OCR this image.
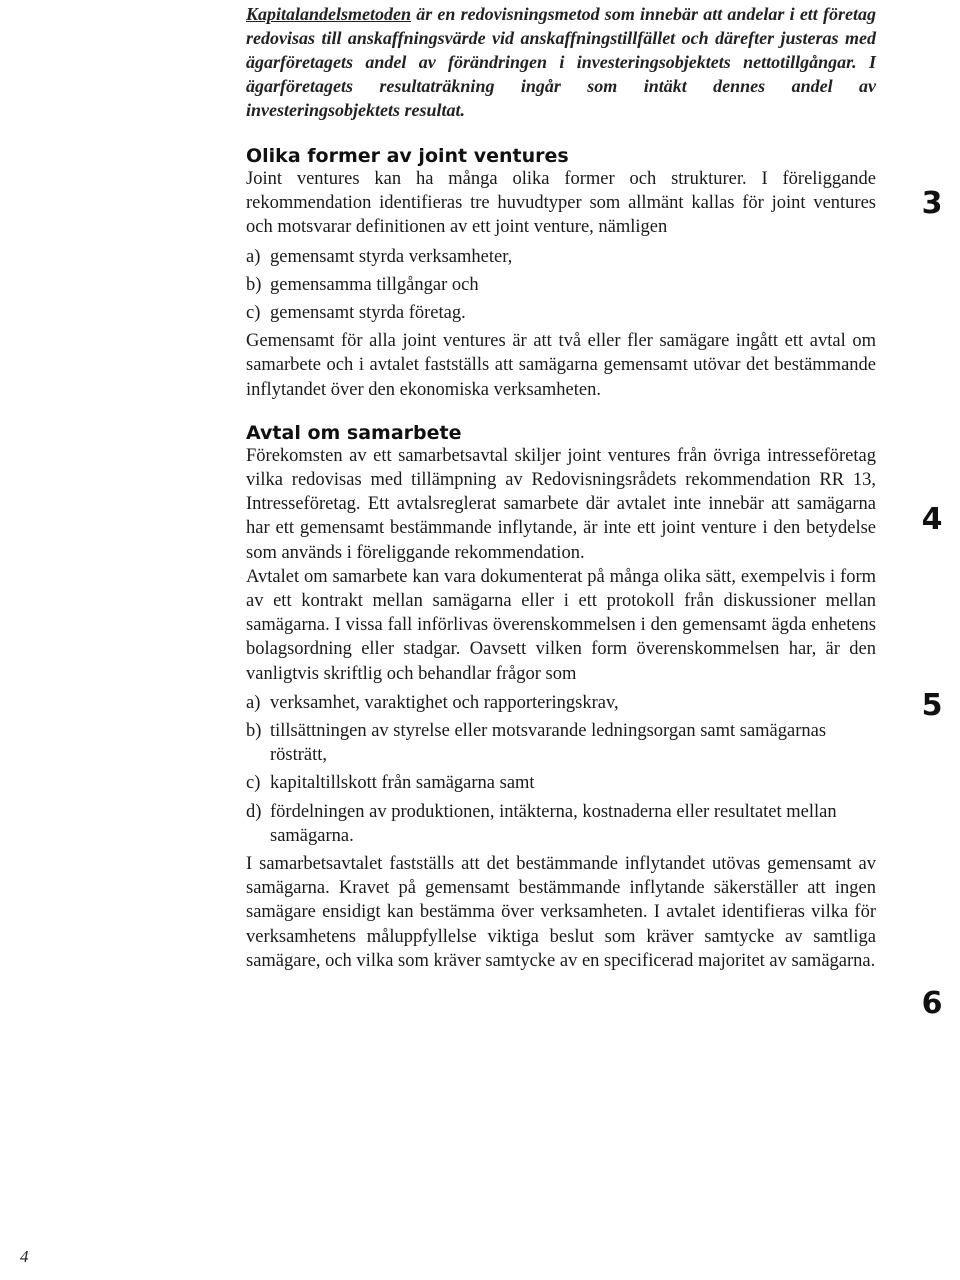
Kapitalandelsmetoden är en redovisningsmetod som innebär att andelar i ett företag redovisas till anskaffningsvärde vid anskaffningstillfället och därefter justeras med ägarföretagets andel av förändringen i investeringsobjektets nettotillgångar. I ägarföretagets resultaträkning ingår som intäkt dennes andel av investeringsobjektets resultat.

Olika former av joint ventures

Joint ventures kan ha många olika former och strukturer. I föreliggande rekommendation identifieras tre huvudtyper som allmänt kallas för joint ventures och motsvarar definitionen av ett joint venture, nämligen

a) gemensamt styrda verksamheter,
b) gemensamma tillgångar och
c) gemensamt styrda företag.

Gemensamt för alla joint ventures är att två eller fler samägare ingått ett avtal om samarbete och i avtalet fastställs att samägarna gemensamt utövar det bestämmande inflytandet över den ekonomiska verksamheten.

Avtal om samarbete

Förekomsten av ett samarbetsavtal skiljer joint ventures från övriga intresseföretag vilka redovisas med tillämpning av Redovisningsrådets rekommendation RR 13, Intresseföretag. Ett avtalsreglerat samarbete där avtalet inte innebär att samägarna har ett gemensamt bestämmande inflytande, är inte ett joint venture i den betydelse som används i föreliggande rekommendation.

Avtalet om samarbete kan vara dokumenterat på många olika sätt, exempelvis i form av ett kontrakt mellan samägarna eller i ett protokoll från diskussioner mellan samägarna. I vissa fall införlivas överenskommelsen i den gemensamt ägda enhetens bolagsordning eller stadgar. Oavsett vilken form överenskommelsen har, är den vanligtvis skriftlig och behandlar frågor som

a) verksamhet, varaktighet och rapporteringskrav,
b) tillsättningen av styrelse eller motsvarande ledningsorgan samt samägarnas rösträtt,
c) kapitaltillskott från samägarna samt
d) fördelningen av produktionen, intäkterna, kostnaderna eller resultatet mellan samägarna.

I samarbetsavtalet fastställs att det bestämmande inflytandet utövas gemensamt av samägarna. Kravet på gemensamt bestämmande inflytande säkerställer att ingen samägare ensidigt kan bestämma över verksamheten. I avtalet identifieras vilka för verksamhetens måluppfyllelse viktiga beslut som kräver samtycke av samtliga samägare, och vilka som kräver samtycke av en specificerad majoritet av samägarna.

3
4
5
6
4
